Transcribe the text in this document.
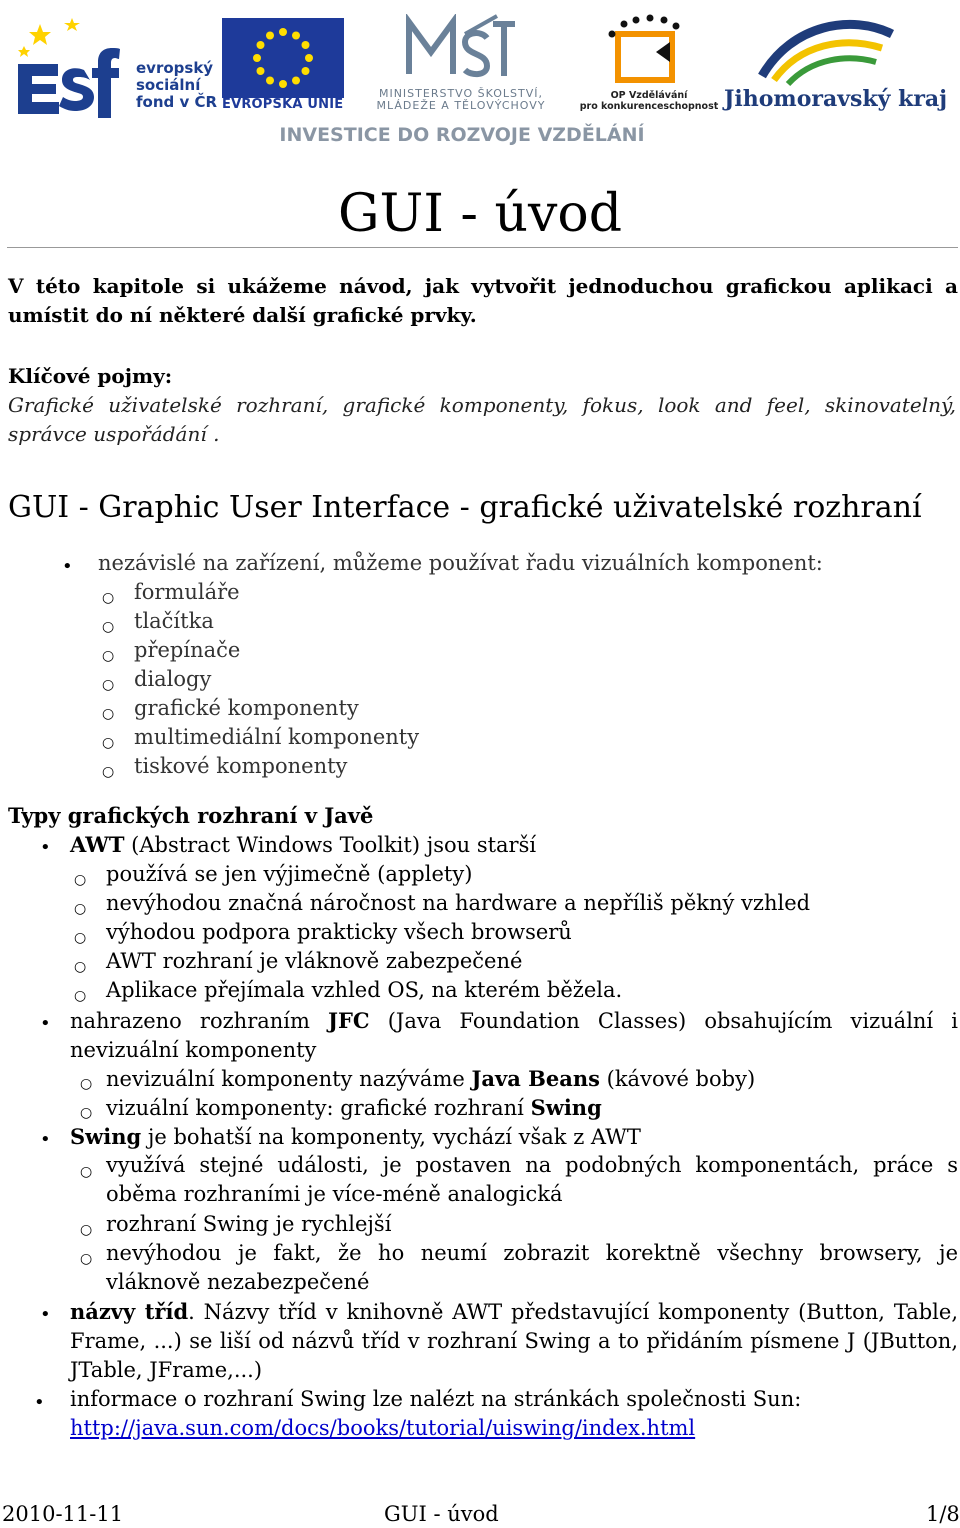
evropský
sociální
fond v ČR EVROPSKÁ UNIE
MINISTERSTVO ŠKOLSTVÍ,
MLÁDEŽE A TĚLOVÝCHOVY
OP Vzdělávání
pro konkurenceschopnost Jihomoravský kraj
INVESTICE DO ROZVOJE VZDĚLÁNÍ
GUI - úvod
V této kapitole si ukážeme návod, jak vytvořit jednoduchou grafickou aplikaci a umístit do ní některé další grafické prvky.
Klíčové pojmy:
Grafické uživatelské rozhraní, grafické komponenty, fokus, look and feel, skinovatelný, správce uspořádání .
GUI - Graphic User Interface - grafické uživatelské rozhraní
• nezávislé na zařízení, můžeme používat řadu vizuálních komponent:
○ formuláře
○ tlačítka
○ přepínače
○ dialogy
○ grafické komponenty
○ multimediální komponenty
○ tiskové komponenty
Typy grafických rozhraní v Javě
• AWT (Abstract Windows Toolkit) jsou starší
○ používá se jen výjimečně (applety)
○ nevýhodou značná náročnost na hardware a nepříliš pěkný vzhled
○ výhodou podpora prakticky všech browserů
○ AWT rozhraní je vláknově zabezpečené
○ Aplikace přejímala vzhled OS, na kterém běžela.
• nahrazeno rozhraním JFC (Java Foundation Classes) obsahujícím vizuální i nevizuální komponenty
○ nevizuální komponenty nazýváme Java Beans (kávové boby)
○ vizuální komponenty: grafické rozhraní Swing
• Swing je bohatší na komponenty, vychází však z AWT
○ využívá stejné události, je postaven na podobných komponentách, práce s oběma rozhraními je více-méně analogická
○ rozhraní Swing je rychlejší
○ nevýhodou je fakt, že ho neumí zobrazit korektně všechny browsery, je vláknově nezabezpečené
• názvy tříd. Názvy tříd v knihovně AWT představující komponenty (Button, Table, Frame, ...) se liší od názvů tříd v rozhraní Swing a to přidáním písmene J (JButton, JTable, JFrame,...)
• informace o rozhraní Swing lze nalézt na stránkách společnosti Sun:
http://java.sun.com/docs/books/tutorial/uiswing/index.html
2010-11-11	GUI - úvod	1/8
